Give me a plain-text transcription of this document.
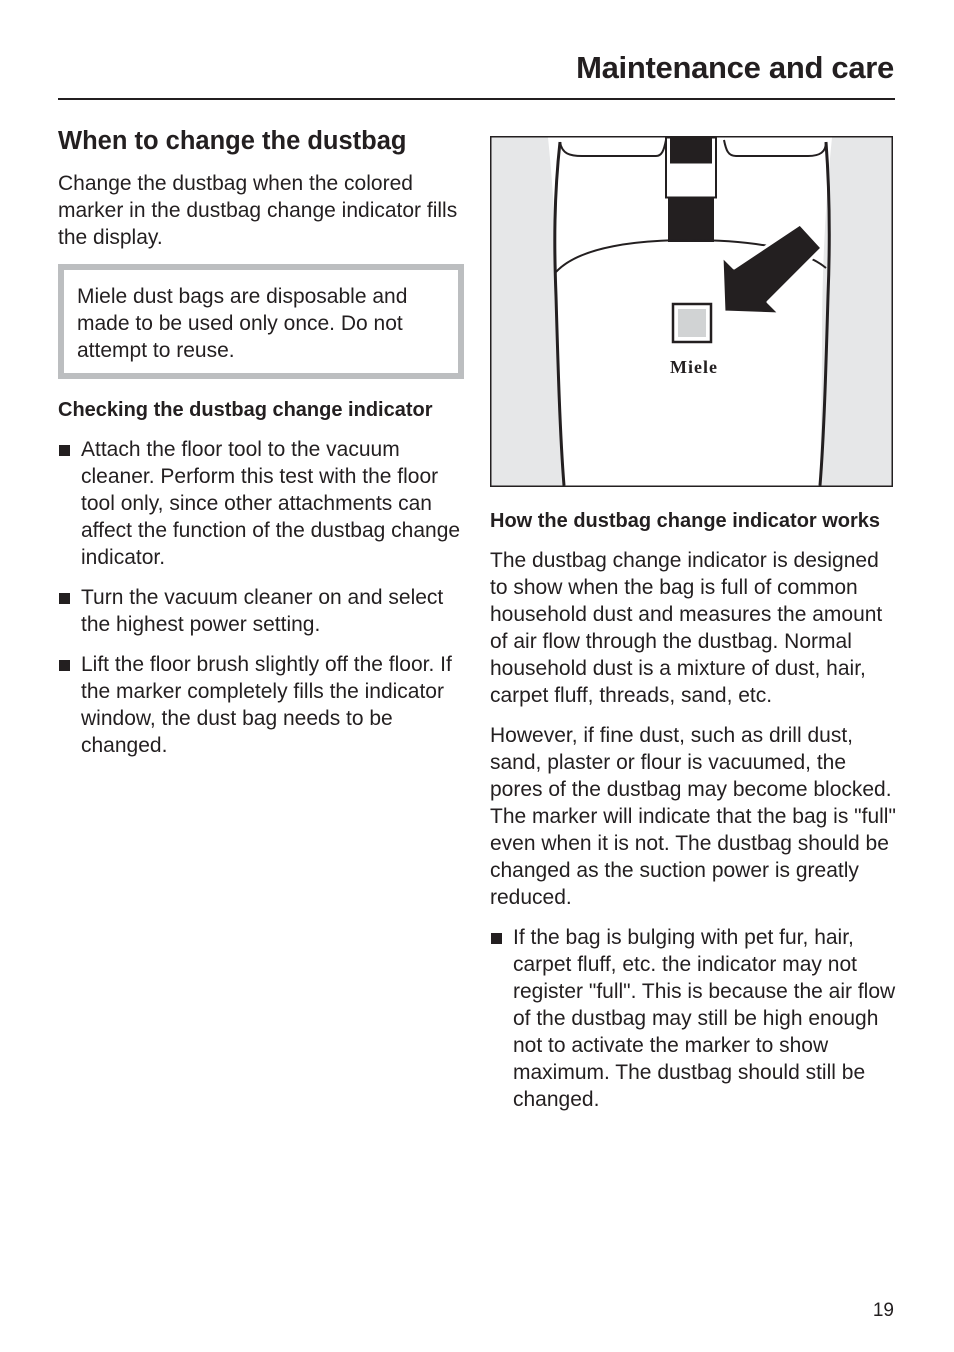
Maintenance and care
When to change the dustbag

Change the dustbag when the colored marker in the dustbag change indicator fills the display.

Miele dust bags are disposable and made to be used only once. Do not attempt to reuse.

Checking the dustbag change indicator
Attach the floor tool to the vacuum cleaner. Perform this test with the floor tool only, since other attachments can affect the function of the dustbag change indicator.
Turn the vacuum cleaner on and select the highest power setting.
Lift the floor brush slightly off the floor. If the marker completely fills the indicator window, the dust bag needs to be changed.
Miele
How the dustbag change indicator works

The dustbag change indicator is designed to show when the bag is full of common household dust and measures the amount of air flow through the dustbag. Normal household dust is a mixture of dust, hair, carpet fluff, threads, sand, etc.

However, if fine dust, such as drill dust, sand, plaster or flour is vacuumed, the pores of the dustbag may become blocked. The marker will indicate that the bag is "full" even when it is not. The dustbag should be changed as the suction power is greatly reduced.

If the bag is bulging with pet fur, hair, carpet fluff, etc. the indicator may not register "full". This is because the air flow of the dustbag may still be high enough not to activate the marker to show maximum. The dustbag should still be changed.
19
